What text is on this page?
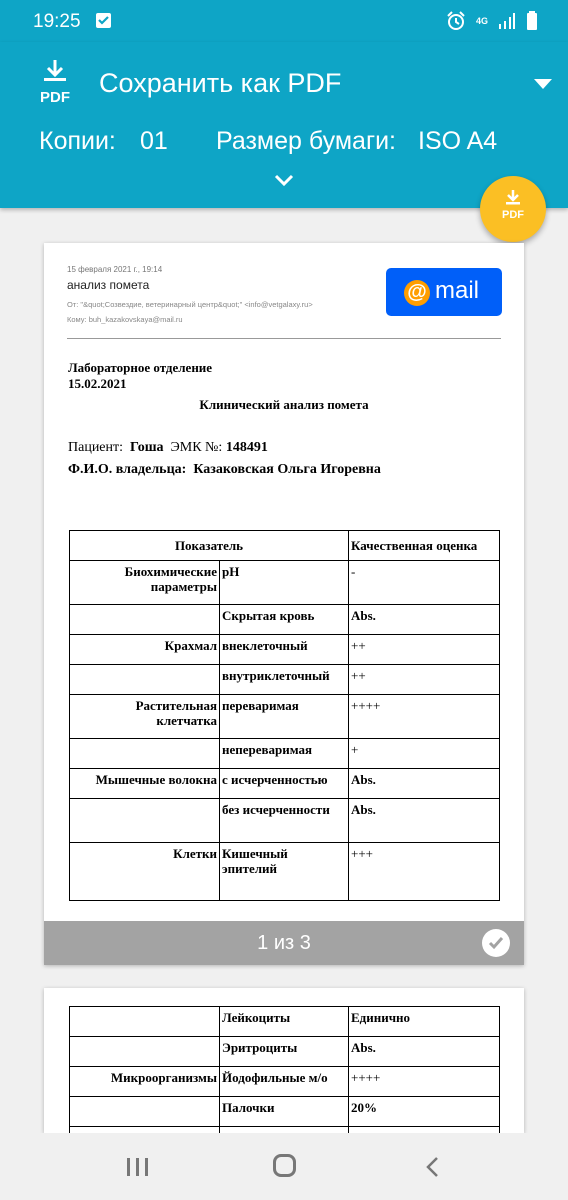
19:25	4G
PDF Сохранить как PDF
Копии: 01 Размер бумаги: ISO A4
PDF
15 февраля 2021 г., 19:14
анализ помета
От: "&quot;Созвездие, ветеринарный центр&quot;" <info@vetgalaxy.ru>
Кому: buh_kazakovskaya@mail.ru
@ mail
Лабораторное отделение
15.02.2021
Клинический анализ помета
Пациент: Гоша ЭМК №: 148491
Ф.И.О. владельца: Казаковская Ольга Игоревна
Показатель		Качественная оценка
Биохимические параметры	pH	-
	Скрытая кровь	Abs.
Крахмал	внеклеточный	++
	внутриклеточный	++
Растительная клетчатка	переваримая	++++
	непереваримая	+
Мышечные волокна	с исчерченностью	Abs.
	без исчерченности	Abs.
Клетки	Кишечный эпителий	+++
1 из 3
	Лейкоциты	Единично
	Эритроциты	Abs.
Микроорганизмы	Йодофильные м/о	++++
	Палочки	20%
